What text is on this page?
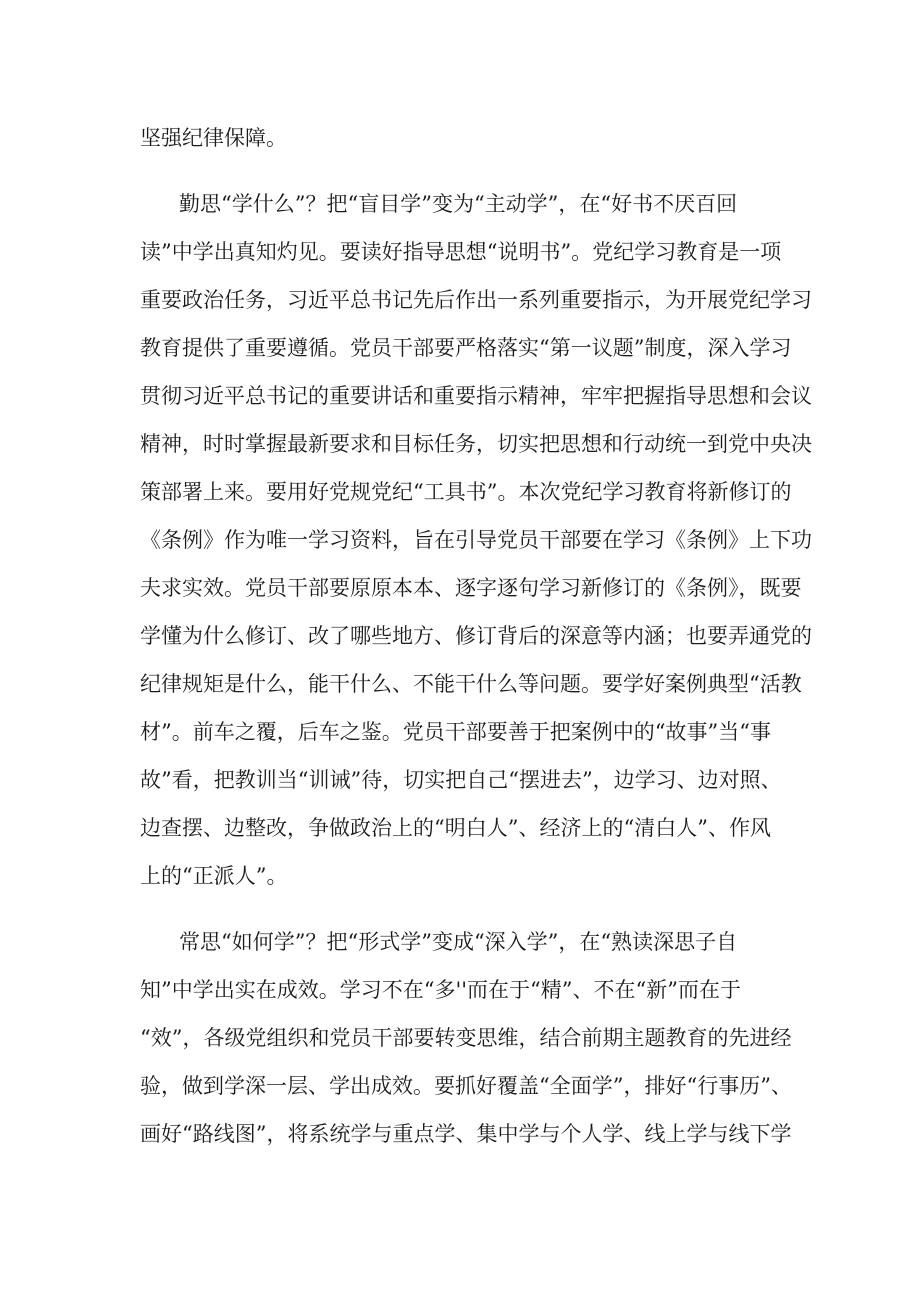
坚强纪律保障。
勤思“学什么”？把“盲目学”变为“主动学”，在“好书不厌百回
读”中学出真知灼见。要读好指导思想“说明书”。党纪学习教育是一项
重要政治任务，习近平总书记先后作出一系列重要指示，为开展党纪学习
教育提供了重要遵循。党员干部要严格落实“第一议题”制度，深入学习
贯彻习近平总书记的重要讲话和重要指示精神，牢牢把握指导思想和会议
精神，时时掌握最新要求和目标任务，切实把思想和行动统一到党中央决
策部署上来。要用好党规党纪“工具书”。本次党纪学习教育将新修订的
《条例》作为唯一学习资料，旨在引导党员干部要在学习《条例》上下功
夫求实效。党员干部要原原本本、逐字逐句学习新修订的《条例》，既要
学懂为什么修订、改了哪些地方、修订背后的深意等内涵；也要弄通党的
纪律规矩是什么，能干什么、不能干什么等问题。要学好案例典型“活教
材”。前车之覆，后车之鉴。党员干部要善于把案例中的“故事”当“事
故”看，把教训当“训诫”待，切实把自己“摆进去”，边学习、边对照、
边查摆、边整改，争做政治上的“明白人”、经济上的“清白人”、作风
上的“正派人”。
常思“如何学”？把“形式学”变成“深入学”，在“熟读深思子自
知”中学出实在成效。学习不在“多''而在于“精”、不在“新”而在于
“效”，各级党组织和党员干部要转变思维，结合前期主题教育的先进经
验，做到学深一层、学出成效。要抓好覆盖“全面学”，排好“行事历”、
画好“路线图”，将系统学与重点学、集中学与个人学、线上学与线下学
